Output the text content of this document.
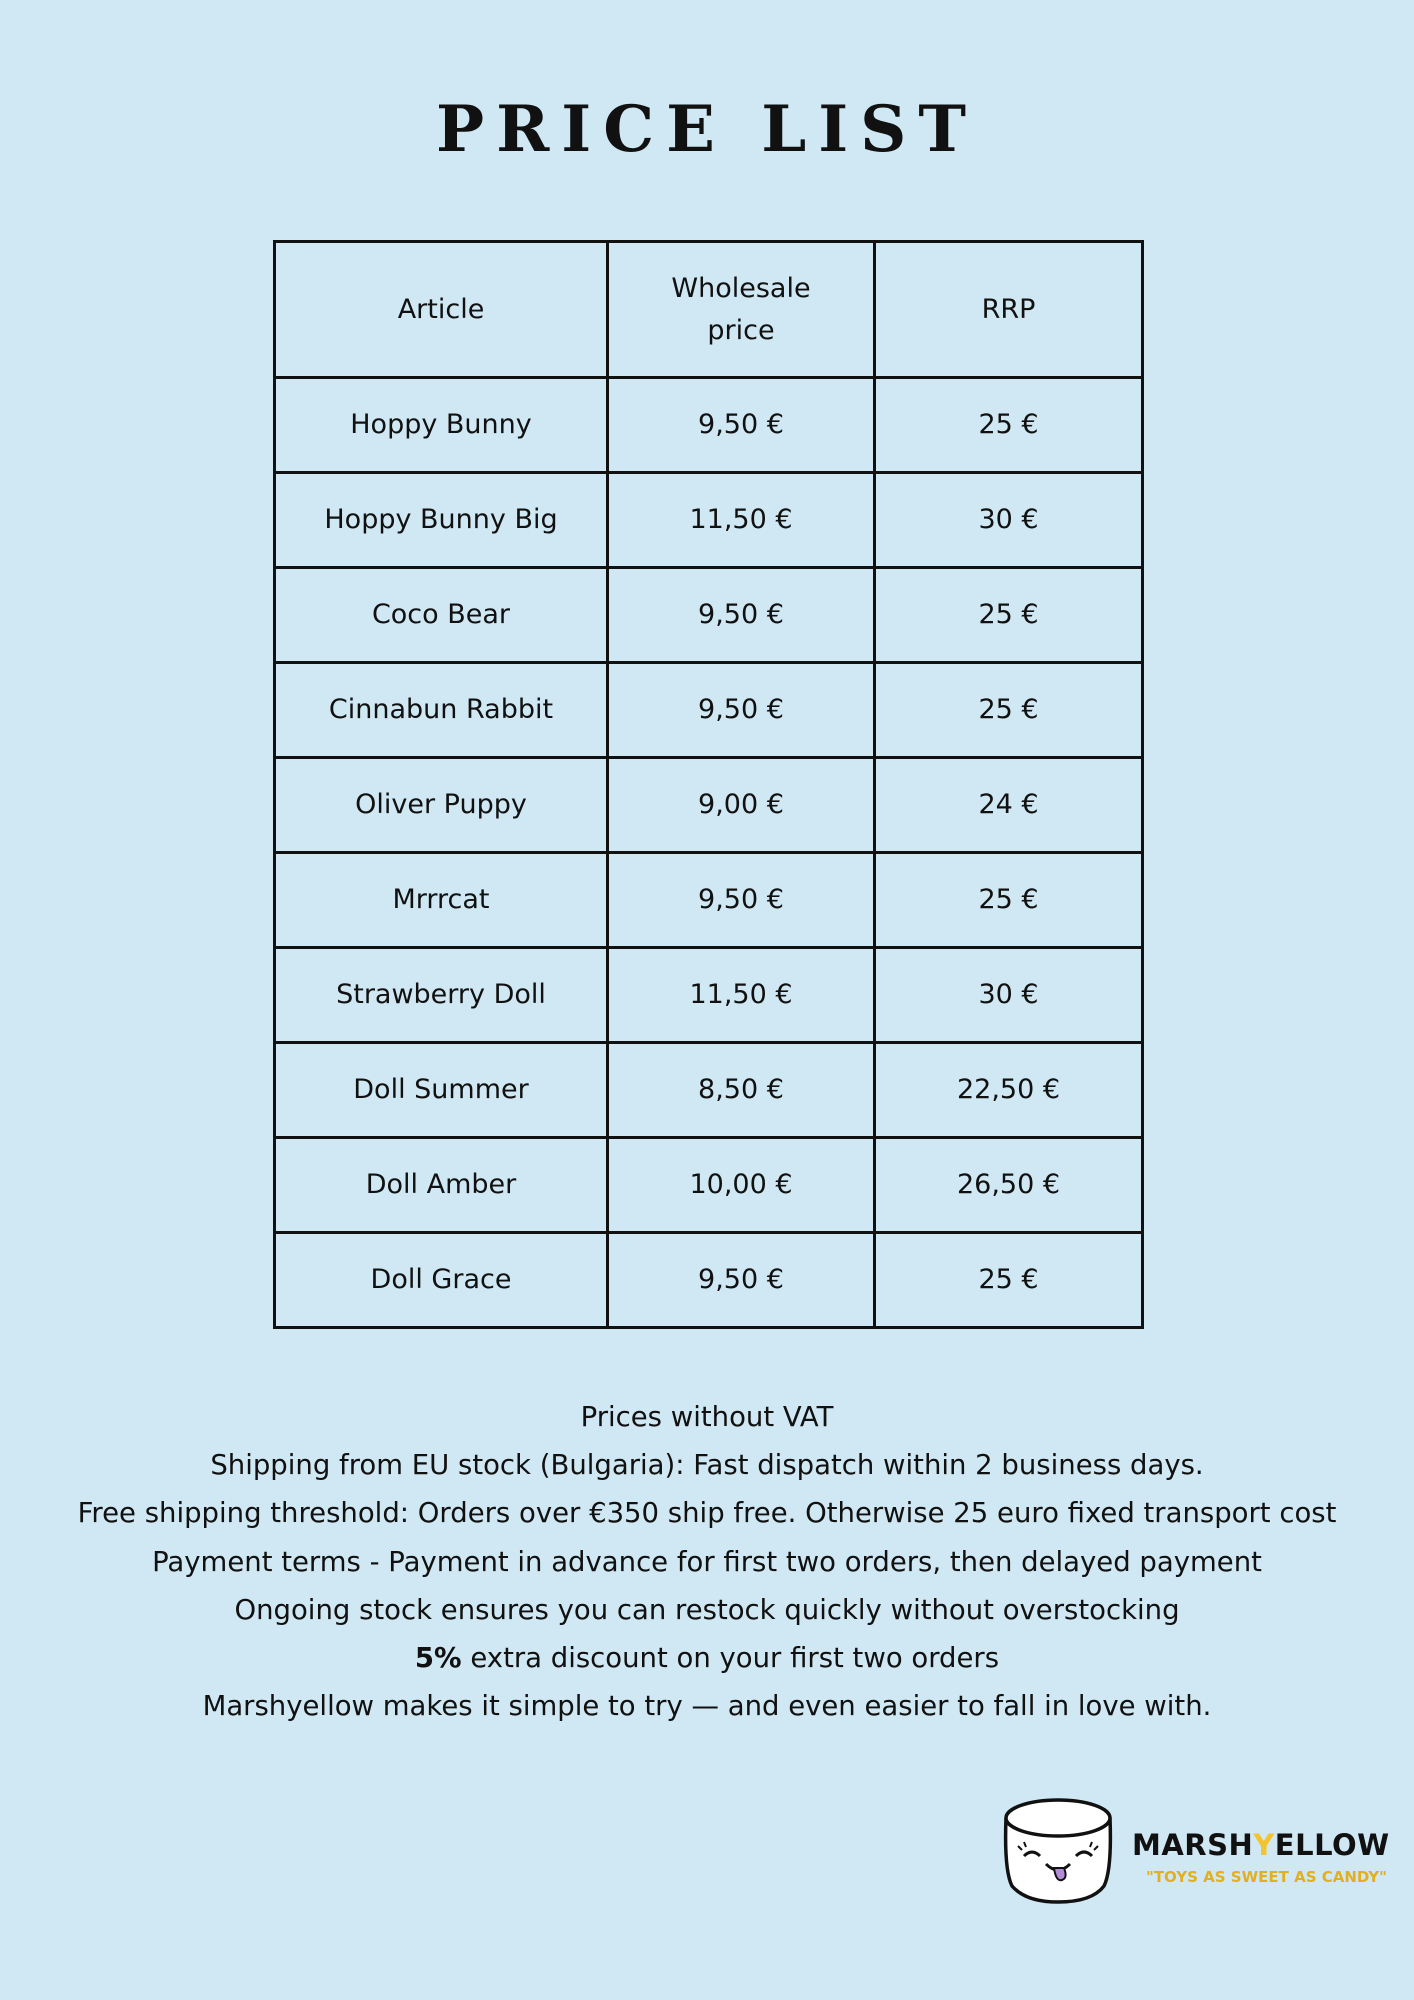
PRICE LIST
Article	Wholesale price	RRP
Hoppy Bunny	9,50 €	25 €
Hoppy Bunny Big	11,50 €	30 €
Coco Bear	9,50 €	25 €
Cinnabun Rabbit	9,50 €	25 €
Oliver Puppy	9,00 €	24 €
Mrrrcat	9,50 €	25 €
Strawberry Doll	11,50 €	30 €
Doll Summer	8,50 €	22,50 €
Doll Amber	10,00 €	26,50 €
Doll Grace	9,50 €	25 €

Prices without VAT

Shipping from EU stock (Bulgaria): Fast dispatch within 2 business days.

Free shipping threshold: Orders over €350 ship free. Otherwise 25 euro fixed transport cost

Payment terms - Payment in advance for first two orders, then delayed payment

Ongoing stock ensures you can restock quickly without overstocking

5% extra discount on your first two orders

Marshyellow makes it simple to try — and even easier to fall in love with.

MARSHYELLOW
"TOYS AS SWEET AS CANDY"
